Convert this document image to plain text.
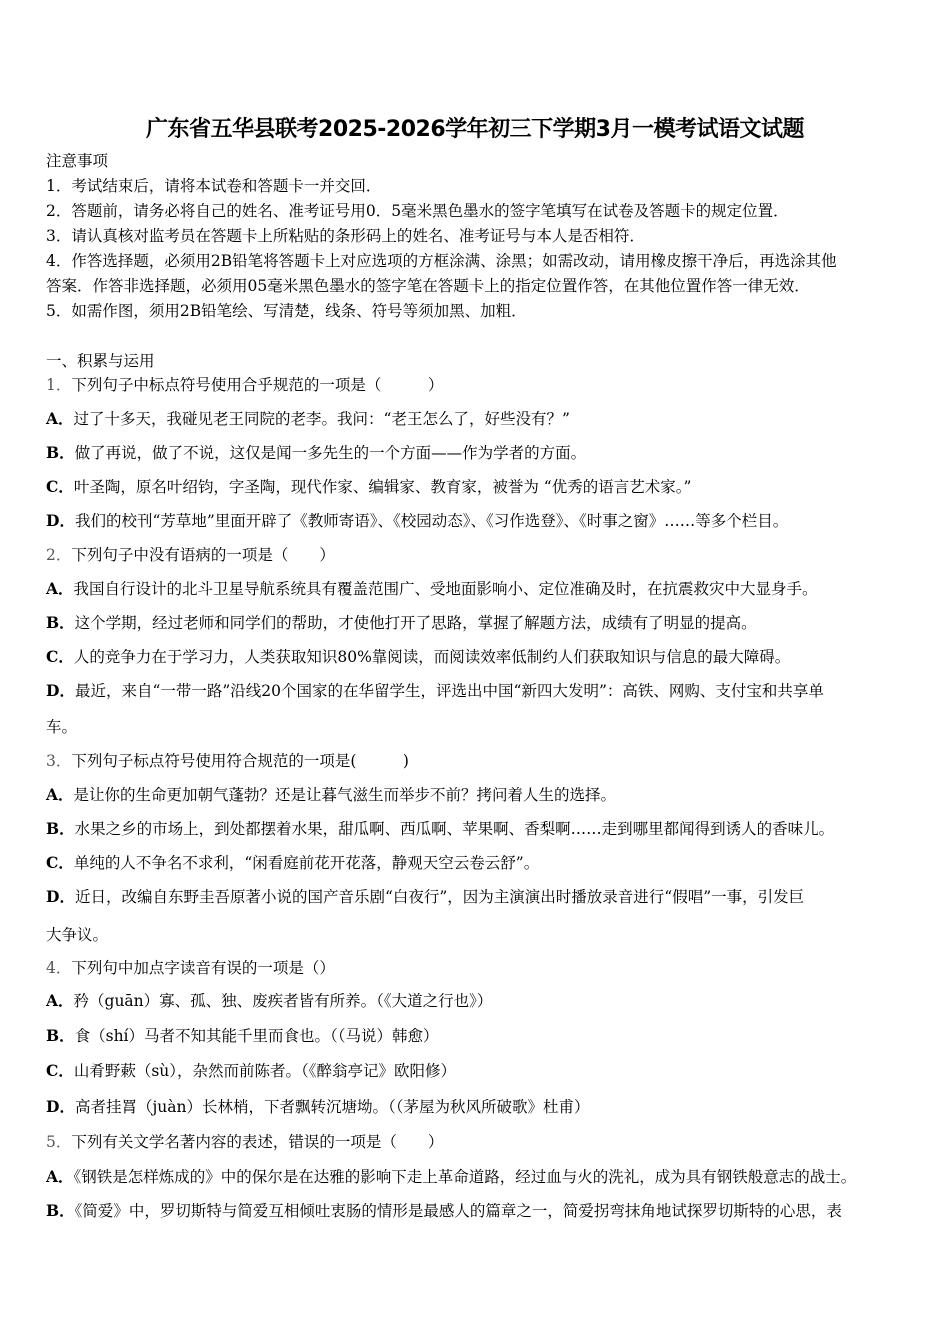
广东省五华县联考2025-2026学年初三下学期3月一模考试语文试题
注意事项
1．考试结束后，请将本试卷和答题卡一并交回．
2．答题前，请务必将自己的姓名、准考证号用0．5毫米黑色墨水的签字笔填写在试卷及答题卡的规定位置．
3．请认真核对监考员在答题卡上所粘贴的条形码上的姓名、准考证号与本人是否相符．
4．作答选择题，必须用2B铅笔将答题卡上对应选项的方框涂满、涂黑；如需改动，请用橡皮擦干净后，再选涂其他
答案．作答非选择题，必须用05毫米黑色墨水的签字笔在答题卡上的指定位置作答，在其他位置作答一律无效．
5．如需作图，须用2B铅笔绘、写清楚，线条、符号等须加黑、加粗．
一、积累与运用
1．下列句子中标点符号使用合乎规范的一项是（　　　）
A．过了十多天，我碰见老王同院的老李。我问：“老王怎么了，好些没有？”
B．做了再说，做了不说，这仅是闻一多先生的一个方面——作为学者的方面。
C．叶圣陶，原名叶绍钧，字圣陶，现代作家、编辑家、教育家，被誉为 “优秀的语言艺术家。”
D．我们的校刊“芳草地”里面开辟了《教师寄语》、《校园动态》、《习作选登》、《时事之窗》……等多个栏目。
2．下列句子中没有语病的一项是（　　）
A．我国自行设计的北斗卫星导航系统具有覆盖范围广、受地面影响小、定位准确及时，在抗震救灾中大显身手。
B．这个学期，经过老师和同学们的帮助，才使他打开了思路，掌握了解题方法，成绩有了明显的提高。
C．人的竞争力在于学习力，人类获取知识80%靠阅读，而阅读效率低制约人们获取知识与信息的最大障碍。
D．最近，来自“一带一路”沿线20个国家的在华留学生，评选出中国“新四大发明”：高铁、网购、支付宝和共享单
车。
3．下列句子标点符号使用符合规范的一项是(　　　)
A．是让你的生命更加朝气蓬勃？还是让暮气滋生而举步不前？拷问着人生的选择。
B．水果之乡的市场上，到处都摆着水果，甜瓜啊、西瓜啊、苹果啊、香梨啊……走到哪里都闻得到诱人的香味儿。
C．单纯的人不争名不求利，“闲看庭前花开花落，静观天空云卷云舒”。
D．近日，改编自东野圭吾原著小说的国产音乐剧“白夜行”，因为主演演出时播放录音进行“假唱”一事，引发巨
大争议。
4．下列句中加点字读音有误的一项是（）
A．矜（guān）寡、孤、独、废疾者皆有所养。（《大道之行也》）
B．食（shí）马者不知其能千里而食也。（（马说）韩愈）
C．山肴野蔌（sù），杂然而前陈者。（《醉翁亭记》欧阳修）
D．高者挂罥（juàn）长林梢，下者飘转沉塘坳。（（茅屋为秋风所破歌》杜甫）
5．下列有关文学名著内容的表述，错误的一项是（　　）
A．《钢铁是怎样炼成的》中的保尔是在达雅的影响下走上革命道路，经过血与火的洗礼，成为具有钢铁般意志的战士。
B．《简爱》中，罗切斯特与简爱互相倾吐衷肠的情形是最感人的篇章之一，简爱拐弯抹角地试探罗切斯特的心思，表
